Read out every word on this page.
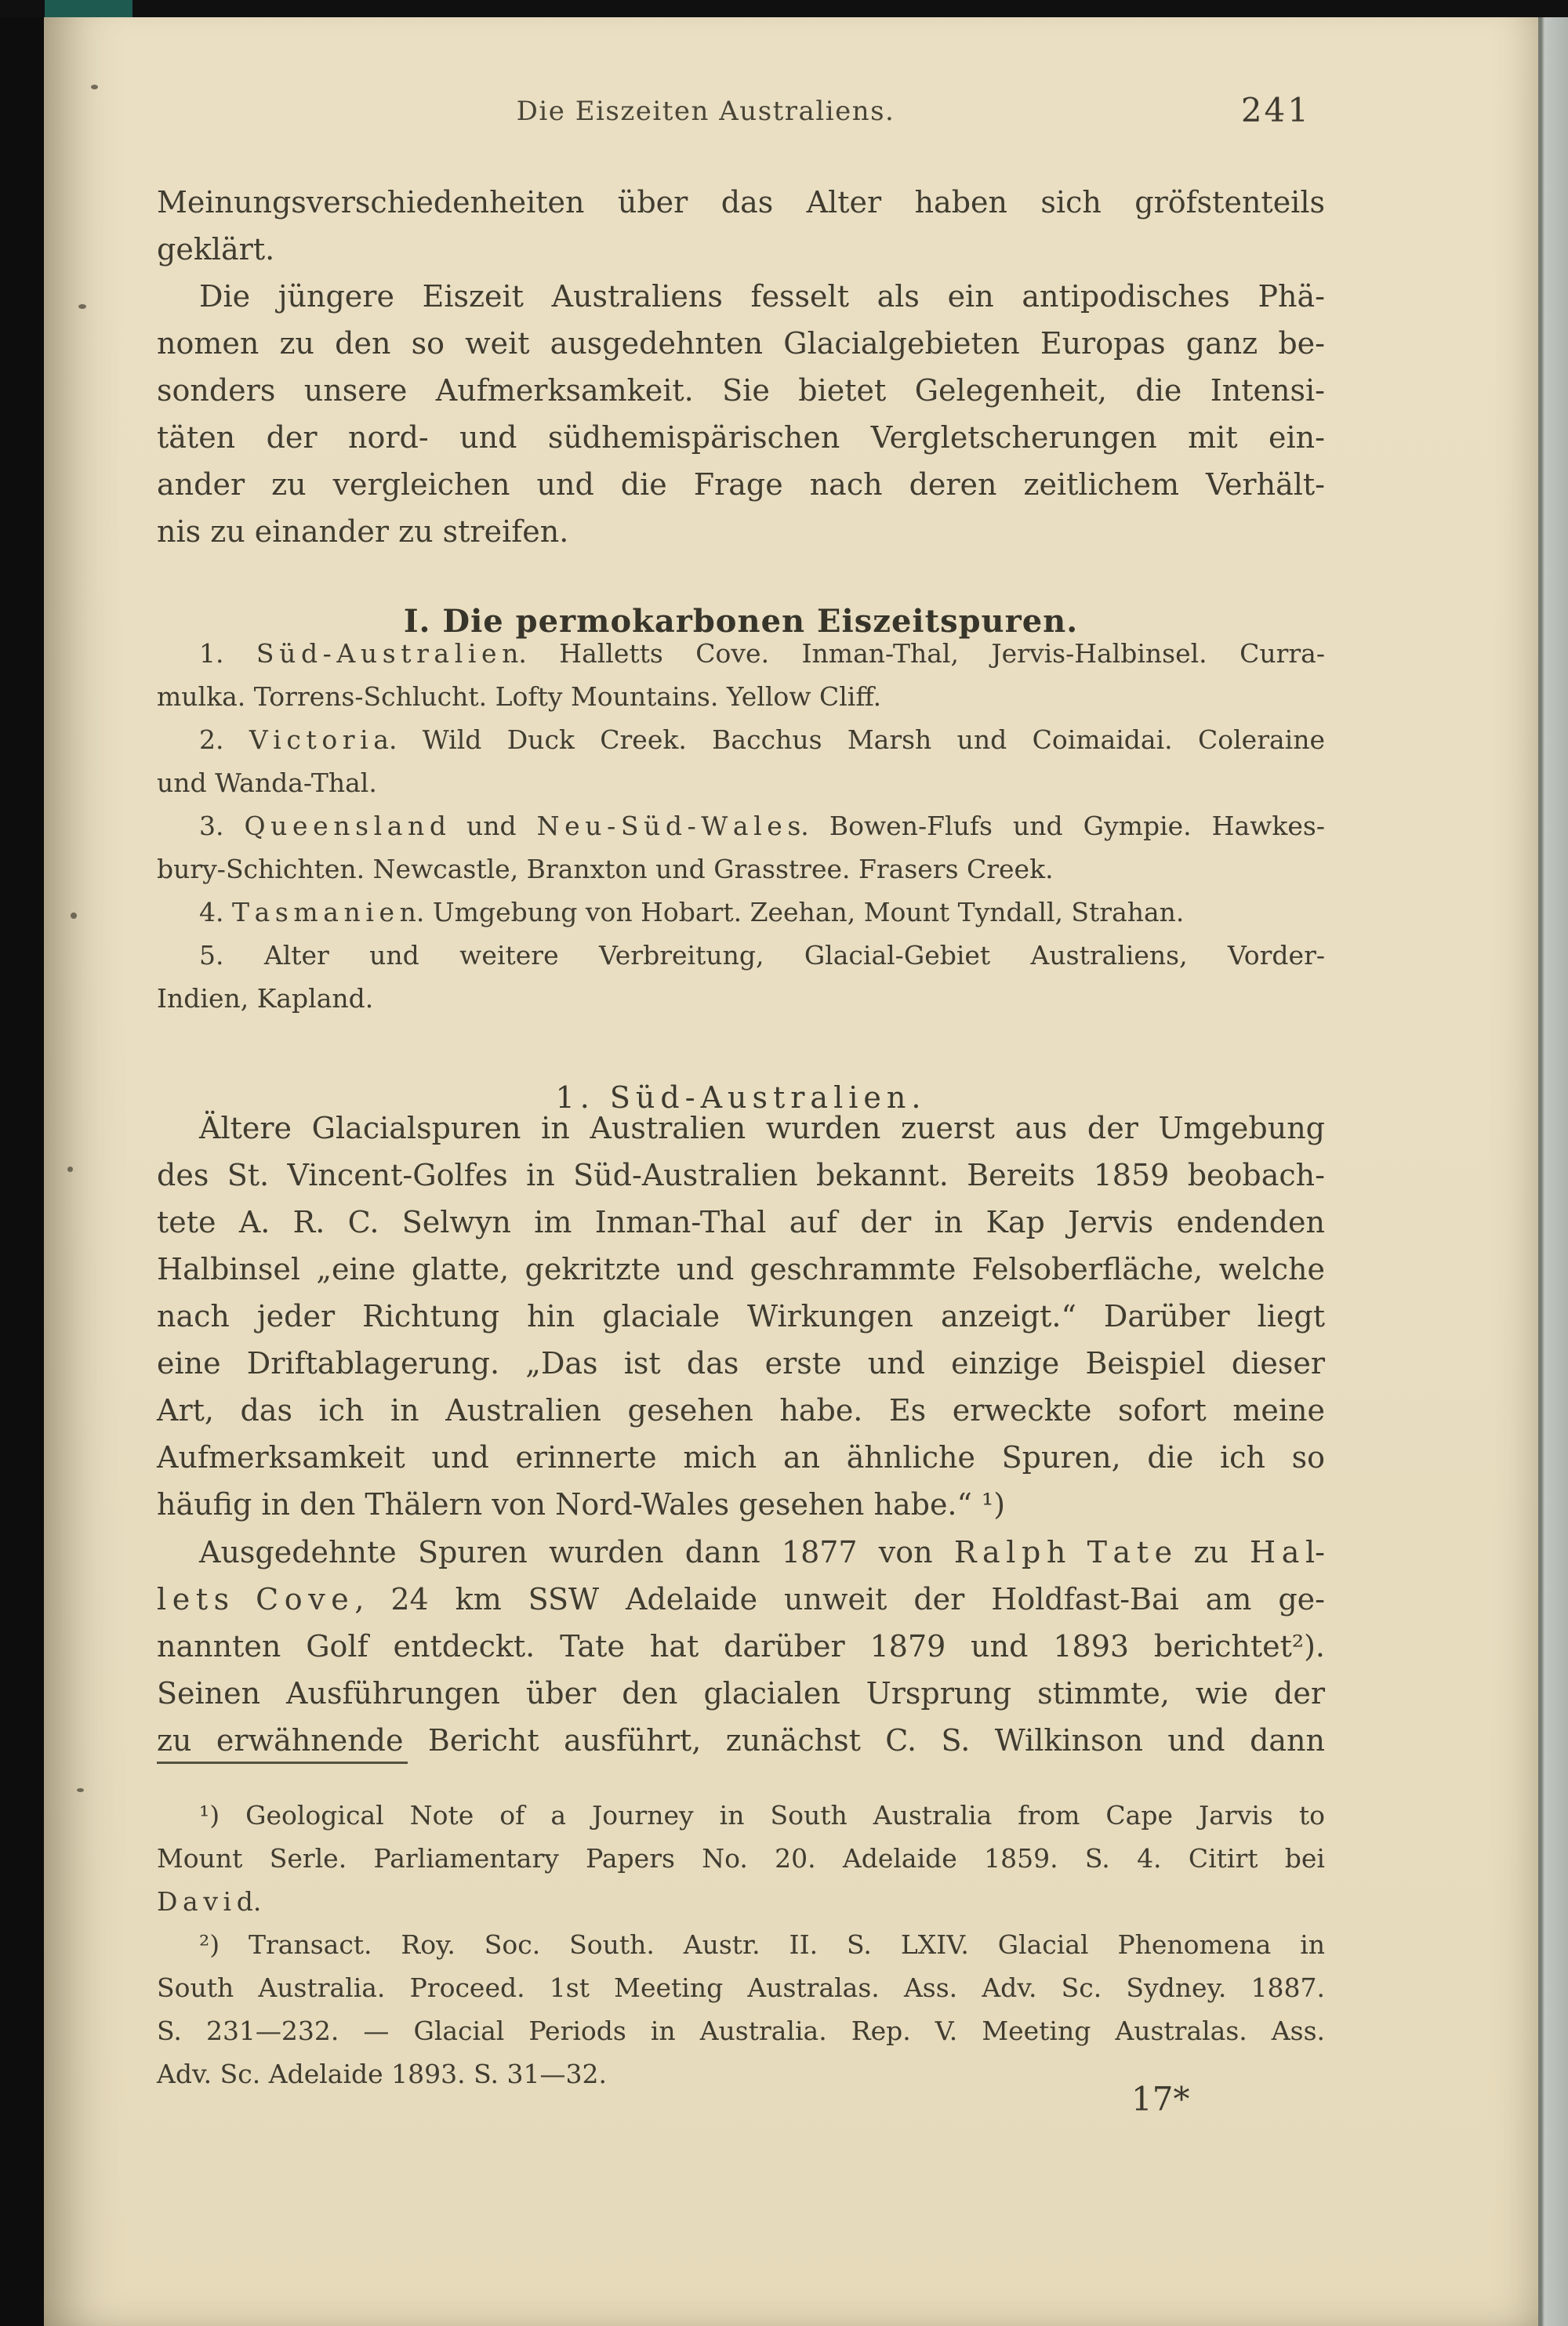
Die Eiszeiten Australiens.	241
Meinungsverschiedenheiten über das Alter haben sich gröfstenteils
geklärt.
Die jüngere Eiszeit Australiens fesselt als ein antipodisches Phä-
nomen zu den so weit ausgedehnten Glacialgebieten Europas ganz be-
sonders unsere Aufmerksamkeit. Sie bietet Gelegenheit, die Intensi-
täten der nord- und südhemispärischen Vergletscherungen mit ein-
ander zu vergleichen und die Frage nach deren zeitlichem Verhält-
nis zu einander zu streifen.
I. Die permokarbonen Eiszeitspuren.
1. S ü d - A u s t r a l i e n. Halletts Cove. Inman-Thal, Jervis-Halbinsel. Curra-
mulka. Torrens-Schlucht. Lofty Mountains. Yellow Cliff.
2. V i c t o r i a. Wild Duck Creek. Bacchus Marsh und Coimaidai. Coleraine
und Wanda-Thal.
3. Q u e e n s l a n d und N e u - S ü d - W a l e s. Bowen-Flufs und Gympie. Hawkes-
bury-Schichten. Newcastle, Branxton und Grasstree. Frasers Creek.
4. T a s m a n i e n. Umgebung von Hobart. Zeehan, Mount Tyndall, Strahan.
5. Alter und weitere Verbreitung, Glacial-Gebiet Australiens, Vorder-
Indien, Kapland.
1. Süd-Australien.
Ältere Glacialspuren in Australien wurden zuerst aus der Umgebung
des St. Vincent-Golfes in Süd-Australien bekannt. Bereits 1859 beobach-
tete A. R. C. Selwyn im Inman-Thal auf der in Kap Jervis endenden
Halbinsel „eine glatte, gekritzte und geschrammte Felsoberfläche, welche
nach jeder Richtung hin glaciale Wirkungen anzeigt.“ Darüber liegt
eine Driftablagerung. „Das ist das erste und einzige Beispiel dieser
Art, das ich in Australien gesehen habe. Es erweckte sofort meine
Aufmerksamkeit und erinnerte mich an ähnliche Spuren, die ich so
häufig in den Thälern von Nord-Wales gesehen habe.“ ¹)
Ausgedehnte Spuren wurden dann 1877 von R a l p h T a t e zu H a l-
l e t s C o v e , 24 km SSW Adelaide unweit der Holdfast-Bai am ge-
nannten Golf entdeckt. Tate hat darüber 1879 und 1893 berichtet²).
Seinen Ausführungen über den glacialen Ursprung stimmte, wie der
zu erwähnende Bericht ausführt, zunächst C. S. Wilkinson und dann
¹) Geological Note of a Journey in South Australia from Cape Jarvis to
Mount Serle. Parliamentary Papers No. 20. Adelaide 1859. S. 4. Citirt bei
D a v i d.
²) Transact. Roy. Soc. South. Austr. II. S. LXIV. Glacial Phenomena in
South Australia. Proceed. 1st Meeting Australas. Ass. Adv. Sc. Sydney. 1887.
S. 231—232. — Glacial Periods in Australia. Rep. V. Meeting Australas. Ass.
Adv. Sc. Adelaide 1893. S. 31—32.
17*
